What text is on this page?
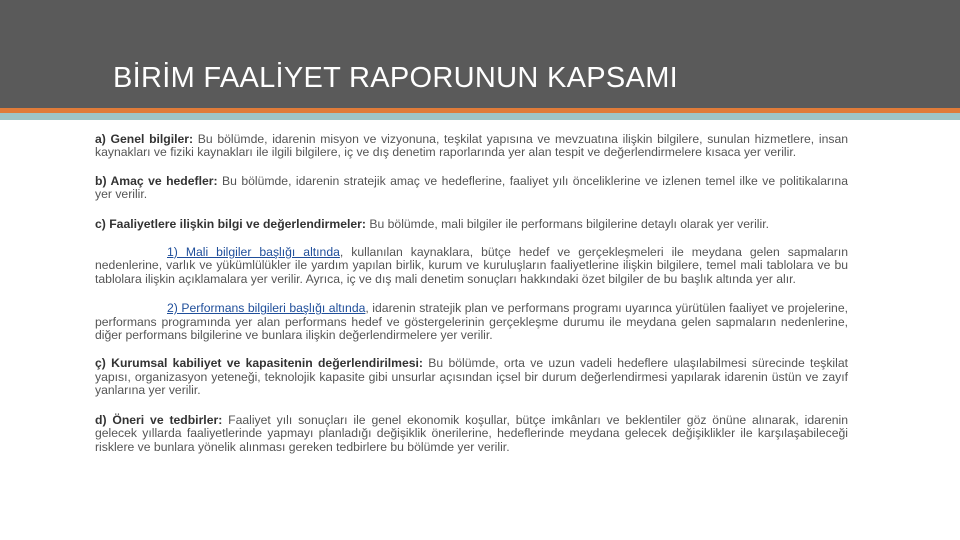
BİRİM FAALİYET RAPORUNUN KAPSAMI

a) Genel bilgiler: Bu bölümde, idarenin misyon ve vizyonuna, teşkilat yapısına ve mevzuatına ilişkin bilgilere, sunulan hizmetlere, insan kaynakları ve fiziki kaynakları ile ilgili bilgilere, iç ve dış denetim raporlarında yer alan tespit ve değerlendirmelere kısaca yer verilir.

b) Amaç ve hedefler: Bu bölümde, idarenin stratejik amaç ve hedeflerine, faaliyet yılı önceliklerine ve izlenen temel ilke ve politikalarına yer verilir.

c) Faaliyetlere ilişkin bilgi ve değerlendirmeler: Bu bölümde, mali bilgiler ile performans bilgilerine detaylı olarak yer verilir.

1) Mali bilgiler başlığı altında, kullanılan kaynaklara, bütçe hedef ve gerçekleşmeleri ile meydana gelen sapmaların nedenlerine, varlık ve yükümlülükler ile yardım yapılan birlik, kurum ve kuruluşların faaliyetlerine ilişkin bilgilere, temel mali tablolara ve bu tablolara ilişkin açıklamalara yer verilir. Ayrıca, iç ve dış mali denetim sonuçları hakkındaki özet bilgiler de bu başlık altında yer alır.

2) Performans bilgileri başlığı altında, idarenin stratejik plan ve performans programı uyarınca yürütülen faaliyet ve projelerine, performans programında yer alan performans hedef ve göstergelerinin gerçekleşme durumu ile meydana gelen sapmaların nedenlerine, diğer performans bilgilerine ve bunlara ilişkin değerlendirmelere yer verilir.

ç) Kurumsal kabiliyet ve kapasitenin değerlendirilmesi: Bu bölümde, orta ve uzun vadeli hedeflere ulaşılabilmesi sürecinde teşkilat yapısı, organizasyon yeteneği, teknolojik kapasite gibi unsurlar açısından içsel bir durum değerlendirmesi yapılarak idarenin üstün ve zayıf yanlarına yer verilir.

d) Öneri ve tedbirler: Faaliyet yılı sonuçları ile genel ekonomik koşullar, bütçe imkânları ve beklentiler göz önüne alınarak, idarenin gelecek yıllarda faaliyetlerinde yapmayı planladığı değişiklik önerilerine, hedeflerinde meydana gelecek değişiklikler ile karşılaşabileceği risklere ve bunlara yönelik alınması gereken tedbirlere bu bölümde yer verilir.
